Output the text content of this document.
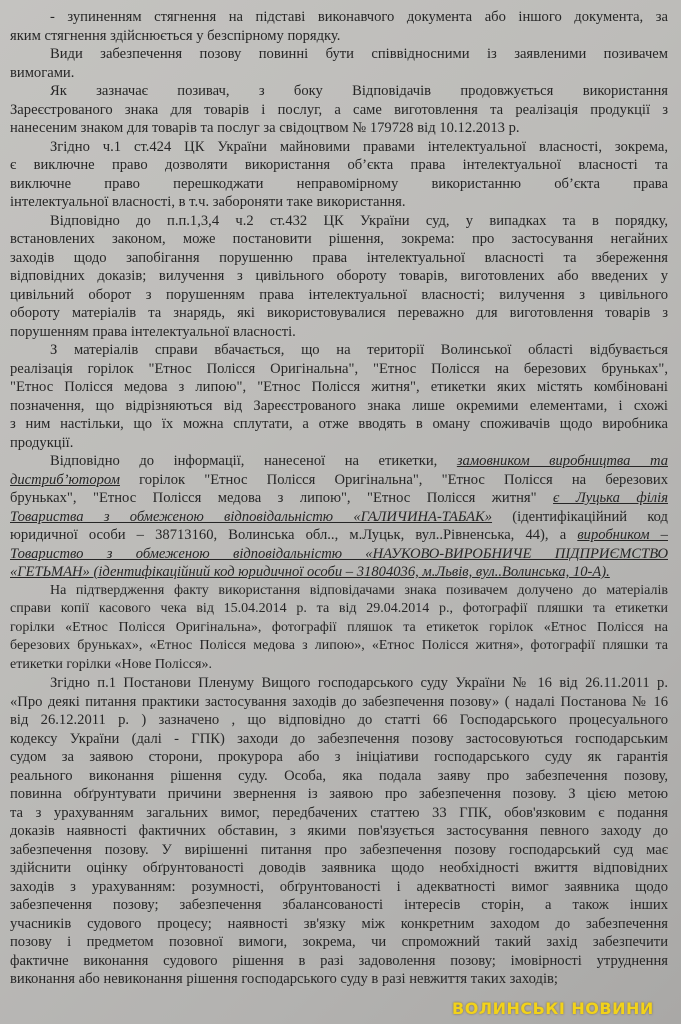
- зупиненням стягнення на підставі виконавчого документа або іншого документа, за
яким стягнення здійснюється у безспірному порядку.
Види забезпечення позову повинні бути співвідносними із заявленими позивачем
вимогами.
Як зазначає позивач, з боку Відповідачів продовжується використання
Зареєстрованого знака для товарів і послуг, а саме виготовлення та реалізація продукції з
нанесеним знаком для товарів та послуг за свідоцтвом № 179728 від 10.12.2013 р.
Згідно ч.1 ст.424 ЦК України майновими правами інтелектуальної власності, зокрема,
є виключне право дозволяти використання об’єкта права інтелектуальної власності та
виключне право перешкоджати неправомірному використанню об’єкта права
інтелектуальної власності, в т.ч. забороняти таке використання.
Відповідно до п.п.1,3,4 ч.2 ст.432 ЦК України суд, у випадках та в порядку,
встановлених законом, може постановити рішення, зокрема: про застосування негайних
заходів щодо запобігання порушенню права інтелектуальної власності та збереження
відповідних доказів; вилучення з цивільного обороту товарів, виготовлених або введених у
цивільний оборот з порушенням права інтелектуальної власності; вилучення з цивільного
обороту матеріалів та знарядь, які використовувалися переважно для виготовлення товарів з
порушенням права інтелектуальної власності.
З матеріалів справи вбачається, що на території Волинської області відбувається
реалізація горілок "Етнос Полісся Оригінальна", "Етнос Полісся на березових бруньках",
"Етнос Полісся медова з липою", "Етнос Полісся житня", етикетки яких містять комбіновані
позначення, що відрізняються від Зареєстрованого знака лише окремими елементами, і схожі
з ним настільки, що їх можна сплутати, а отже вводять в оману споживачів щодо виробника
продукції.
Відповідно до інформації, нанесеної на етикетки, замовником виробництва та
дистриб’ютором горілок "Етнос Полісся Оригінальна", "Етнос Полісся на березових
бруньках", "Етнос Полісся медова з липою", "Етнос Полісся житня" є Луцька філія
Товариства з обмеженою відповідальністю «ГАЛИЧИНА-ТАБАК» (ідентифікаційний код
юридичної особи – 38713160, Волинська обл.., м.Луцьк, вул..Рівненська, 44), а виробником –
Товариство з обмеженою відповідальністю «НАУКОВО-ВИРОБНИЧЕ ПІДПРИЄМСТВО
«ГЕТЬМАН» (ідентифікаційний код юридичної особи – 31804036, м.Львів, вул..Волинська, 10-А).
На підтвердження факту використання відповідачами знака позивачем долучено до матеріалів
справи копії касового чека від 15.04.2014 р. та від 29.04.2014 р., фотографії пляшки та етикетки
горілки «Етнос Полісся Оригінальна», фотографії пляшок та етикеток горілок «Етнос Полісся на
березових бруньках», «Етнос Полісся медова з липою», «Етнос Полісся житня», фотографії пляшки та
етикетки горілки «Нове Полісся».
Згідно п.1 Постанови Пленуму Вищого господарського суду України № 16 від 26.11.2011 р.
«Про деякі питання практики застосування заходів до забезпечення позову» ( надалі Постанова № 16
від 26.12.2011 р. ) зазначено , що відповідно до статті 66 Господарського процесуального
кодексу України (далі - ГПК) заходи до забезпечення позову застосовуються господарським
судом за заявою сторони, прокурора або з ініціативи господарського суду як гарантія
реального виконання рішення суду. Особа, яка подала заяву про забезпечення позову,
повинна обґрунтувати причини звернення із заявою про забезпечення позову. З цією метою
та з урахуванням загальних вимог, передбачених статтею 33 ГПК, обов'язковим є подання
доказів наявності фактичних обставин, з якими пов'язується застосування певного заходу до
забезпечення позову. У вирішенні питання про забезпечення позову господарський суд має
здійснити оцінку обґрунтованості доводів заявника щодо необхідності вжиття відповідних
заходів з урахуванням: розумності, обґрунтованості і адекватності вимог заявника щодо
забезпечення позову; забезпечення збалансованості інтересів сторін, а також інших
учасників судового процесу; наявності зв'язку між конкретним заходом до забезпечення
позову і предметом позовної вимоги, зокрема, чи спроможний такий захід забезпечити
фактичне виконання судового рішення в разі задоволення позову; імовірності утруднення
виконання або невиконання рішення господарського суду в разі невжиття таких заходів;
ВОЛИНСЬКІ НОВИНИ
